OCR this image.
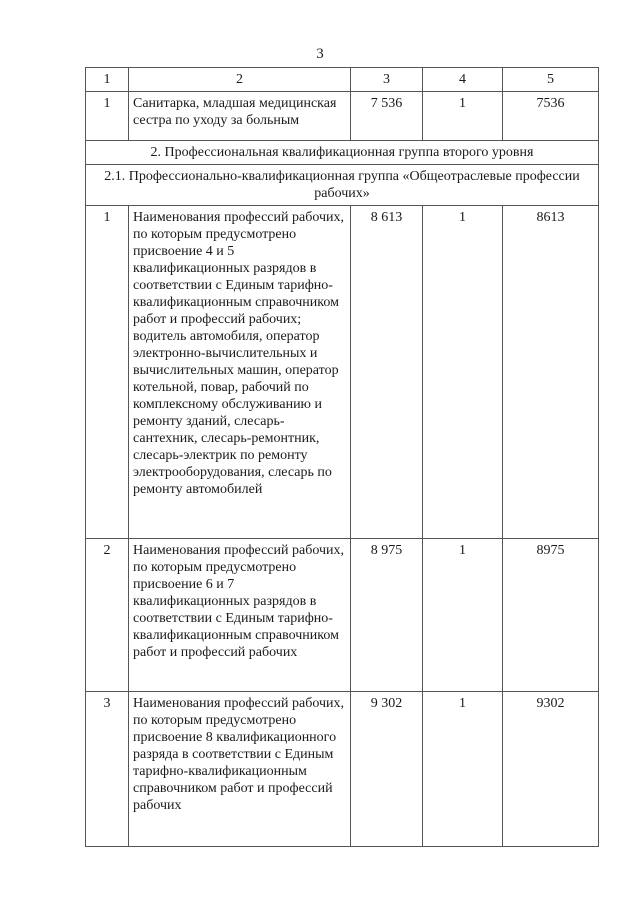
3
1	2	3	4	5
1	Санитарка, младшая медицинская сестра по уходу за больным	7 536	1	7536
2. Профессиональная квалификационная группа второго уровня				
2.1. Профессионально-квалификационная группа «Общеотраслевые профессии рабочих»				
1	Наименования профессий рабочих, по которым предусмотрено присвоение 4 и 5 квалификационных разрядов в соответствии с Единым тарифно-квалификационным справочником работ и профессий рабочих; водитель автомобиля, оператор электронно-вычислительных и вычислительных машин, оператор котельной, повар, рабочий по комплексному обслуживанию и ремонту зданий, слесарь-сантехник, слесарь-ремонтник, слесарь-электрик по ремонту электрооборудования, слесарь по ремонту автомобилей	8 613	1	8613
2	Наименования профессий рабочих, по которым предусмотрено присвоение 6 и 7 квалификационных разрядов в соответствии с Единым тарифно-квалификационным справочником работ и профессий рабочих	8 975	1	8975
3	Наименования профессий рабочих, по которым предусмотрено присвоение 8 квалификационного разряда в соответствии с Единым тарифно-квалификационным справочником работ и профессий рабочих	9 302	1	9302
